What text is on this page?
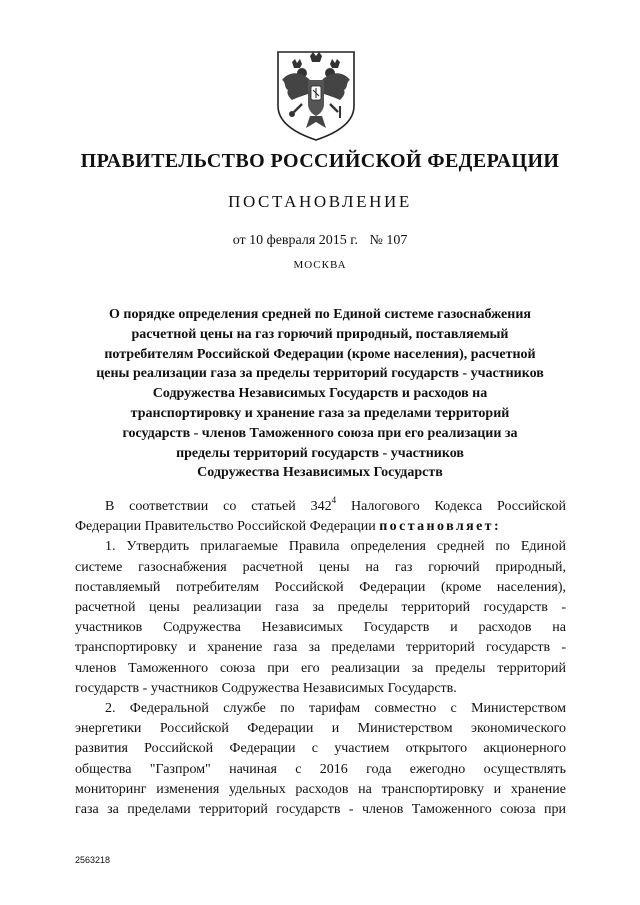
ПРАВИТЕЛЬСТВО РОССИЙСКОЙ ФЕДЕРАЦИИ
ПОСТАНОВЛЕНИЕ
от 10 февраля 2015 г. № 107
МОСКВА
О порядке определения средней по Единой системе газоснабжения
расчетной цены на газ горючий природный, поставляемый
потребителям Российской Федерации (кроме населения), расчетной
цены реализации газа за пределы территорий государств - участников
Содружества Независимых Государств и расходов на
транспортировку и хранение газа за пределами территорий
государств - членов Таможенного союза при его реализации за
пределы территорий государств - участников
Содружества Независимых Государств
В соответствии со статьей $342^4$ Налогового Кодекса Российской
Федерации Правительство Российской Федерации постановляет:
1. Утвердить прилагаемые Правила определения средней по Единой
системе газоснабжения расчетной цены на газ горючий природный,
поставляемый потребителям Российской Федерации (кроме населения),
расчетной цены реализации газа за пределы территорий государств -
участников Содружества Независимых Государств и расходов на
транспортировку и хранение газа за пределами территорий государств -
членов Таможенного союза при его реализации за пределы территорий
государств - участников Содружества Независимых Государств.
2. Федеральной службе по тарифам совместно с Министерством
энергетики Российской Федерации и Министерством экономического
развития Российской Федерации с участием открытого акционерного
общества "Газпром" начиная с 2016 года ежегодно осуществлять
мониторинг изменения удельных расходов на транспортировку и хранение
газа за пределами территорий государств - членов Таможенного союза при
2563218
